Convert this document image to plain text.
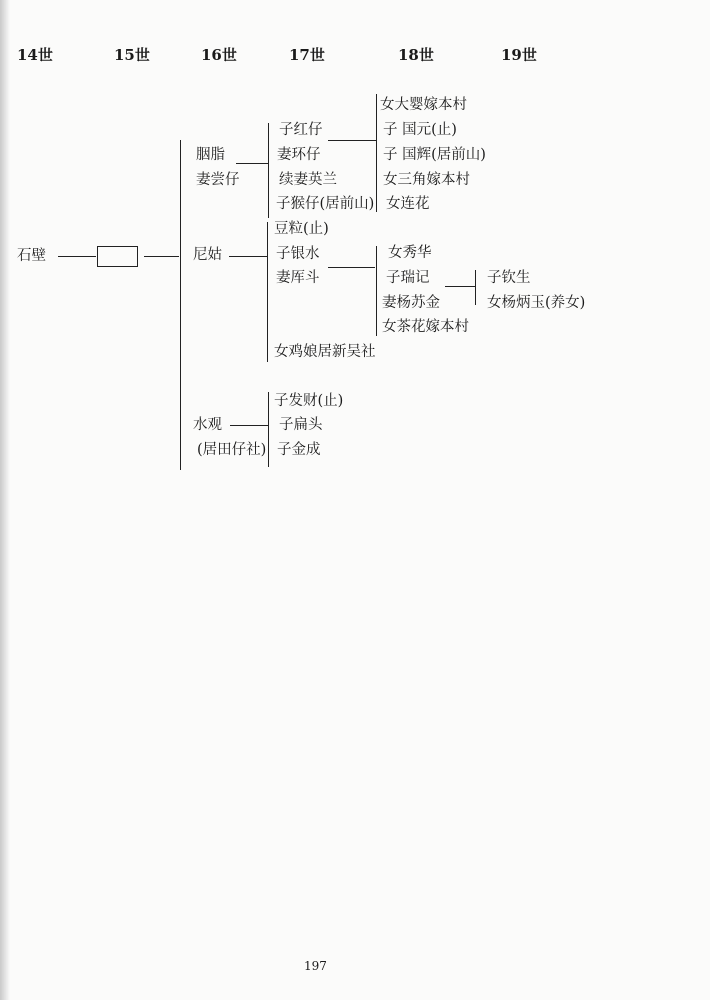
14世	15世	16世	17世	18世	19世
石壁
胭脂
妻尝仔
尼姑
水观
(居田仔社)
子红仔
妻环仔
续妻英兰
子猴仔(居前山)
豆粒(止)
子银水
妻厍斗
女鸡娘居新吴社
子发财(止)
子扁头
子金成
女大婴嫁本村
子 国元(止)
子 国辉(居前山)
女三角嫁本村
女连花
女秀华
子瑞记
妻杨苏金
女茶花嫁本村
子钦生
女杨炳玉(养女)
197
